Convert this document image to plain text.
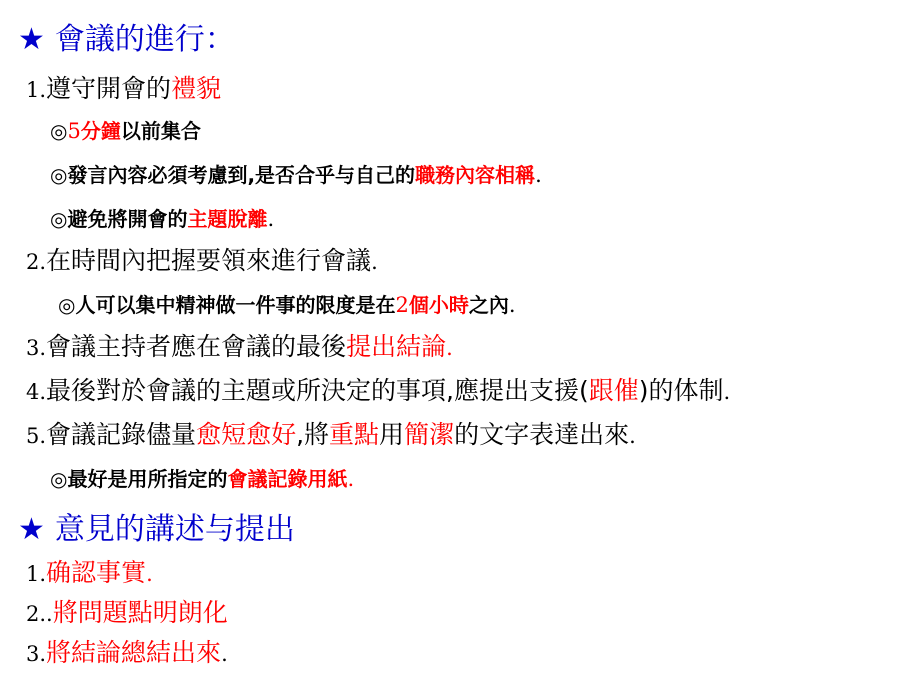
★ 會議的進行：
1.遵守開會的禮貌
◎5分鐘以前集合
◎發言內容必須考慮到,是否合乎与自己的職務內容相稱.
◎避免將開會的主題脫離.
2.在時間內把握要領來進行會議.
◎人可以集中精神做一件事的限度是在2個小時之內.
3.會議主持者應在會議的最後提出結論.
4.最後對於會議的主題或所決定的事項,應提出支援(跟催)的体制.
5.會議記錄儘量愈短愈好,將重點用簡潔的文字表達出來.
◎最好是用所指定的會議記錄用紙.
★ 意見的講述与提出
1.确認事實.
2..將問題點明朗化
3.將結論總結出來.
